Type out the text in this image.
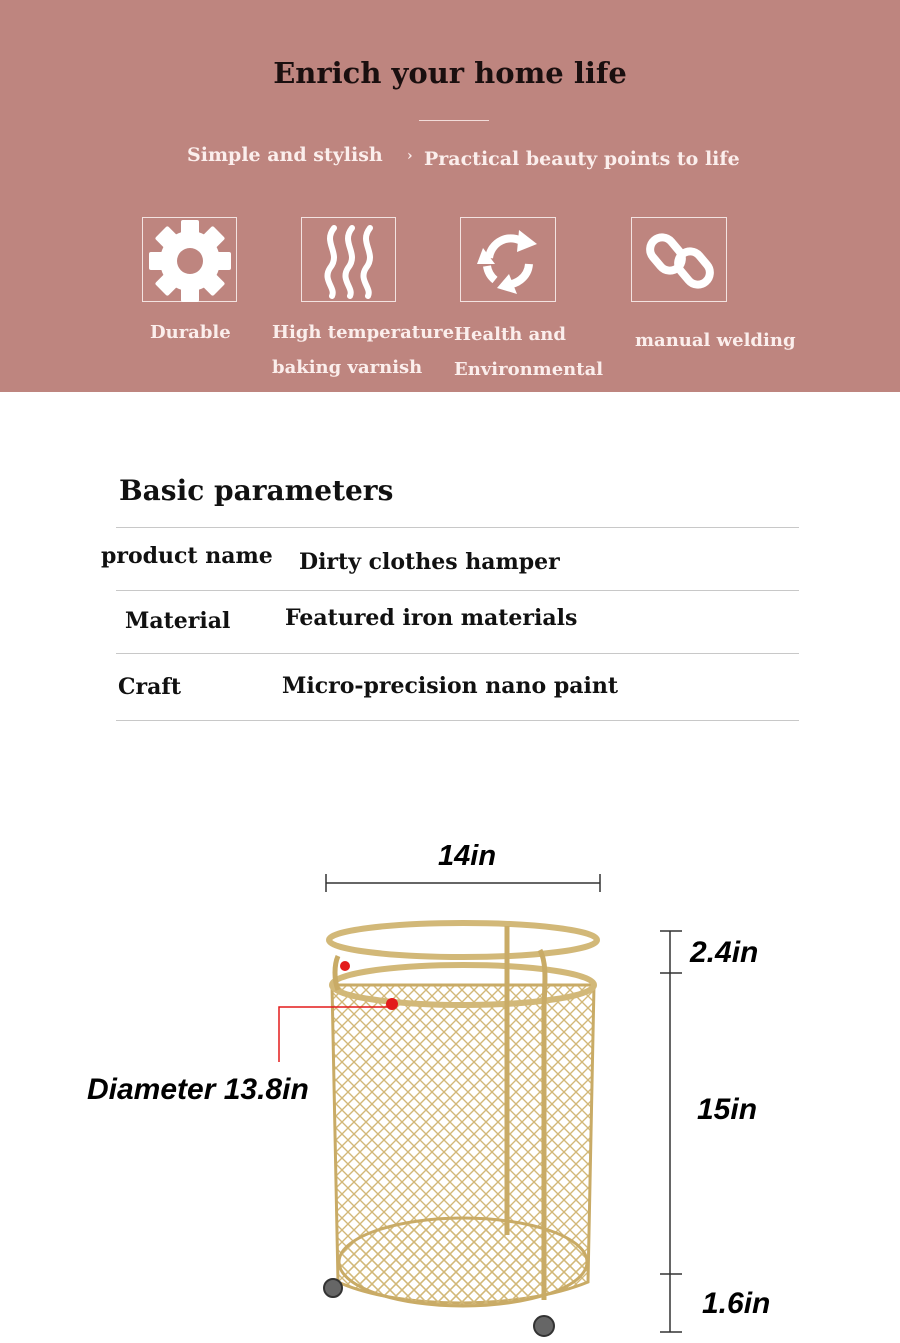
Enrich your home life
Simple and stylish › Practical beauty points to life
Durable High temperature
baking varnish
Health and
Environmental
manual welding
Basic parameters
product name Dirty clothes hamper
Material Featured iron materials
Craft	Micro-precision nano paint
14in
2.4in
15in
1.6in
Diameter 13.8in
